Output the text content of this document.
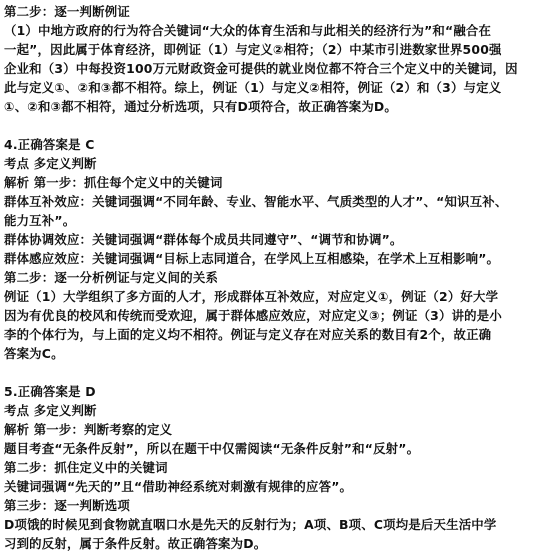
第二步：逐一判断例证
（1）中地方政府的行为符合关键词“大众的体育生活和与此相关的经济行为”和“融合在
一起”，因此属于体育经济，即例证（1）与定义②相符；（2）中某市引进数家世界500强
企业和（3）中每投资100万元财政资金可提供的就业岗位都不符合三个定义中的关键词，因
此与定义①、②和③都不相符。综上，例证（1）与定义②相符，例证（2）和（3）与定义
①、②和③都不相符，通过分析选项，只有D项符合，故正确答案为D。
4.正确答案是 C
考点 多定义判断
解析 第一步：抓住每个定义中的关键词
群体互补效应：关键词强调“不同年龄、专业、智能水平、气质类型的人才”、“知识互补、
能力互补”。
群体协调效应：关键词强调“群体每个成员共同遵守”、“调节和协调”。
群体感应效应：关键词强调“目标上志同道合，在学风上互相感染，在学术上互相影响”。
第二步：逐一分析例证与定义间的关系
例证（1）大学组织了多方面的人才，形成群体互补效应，对应定义①，例证（2）好大学
因为有优良的校风和传统而受欢迎，属于群体感应效应，对应定义③；例证（3）讲的是小
李的个体行为，与上面的定义均不相符。例证与定义存在对应关系的数目有2个，故正确
答案为C。
5.正确答案是 D
考点 多定义判断
解析 第一步：判断考察的定义
题目考查“无条件反射”，所以在题干中仅需阅读“无条件反射”和“反射”。
第二步：抓住定义中的关键词
关键词强调“先天的”且“借助神经系统对刺激有规律的应答”。
第三步：逐一判断选项
D项饿的时候见到食物就直咽口水是先天的反射行为；A项、B项、C项均是后天生活中学
习到的反射，属于条件反射。故正确答案为D。
